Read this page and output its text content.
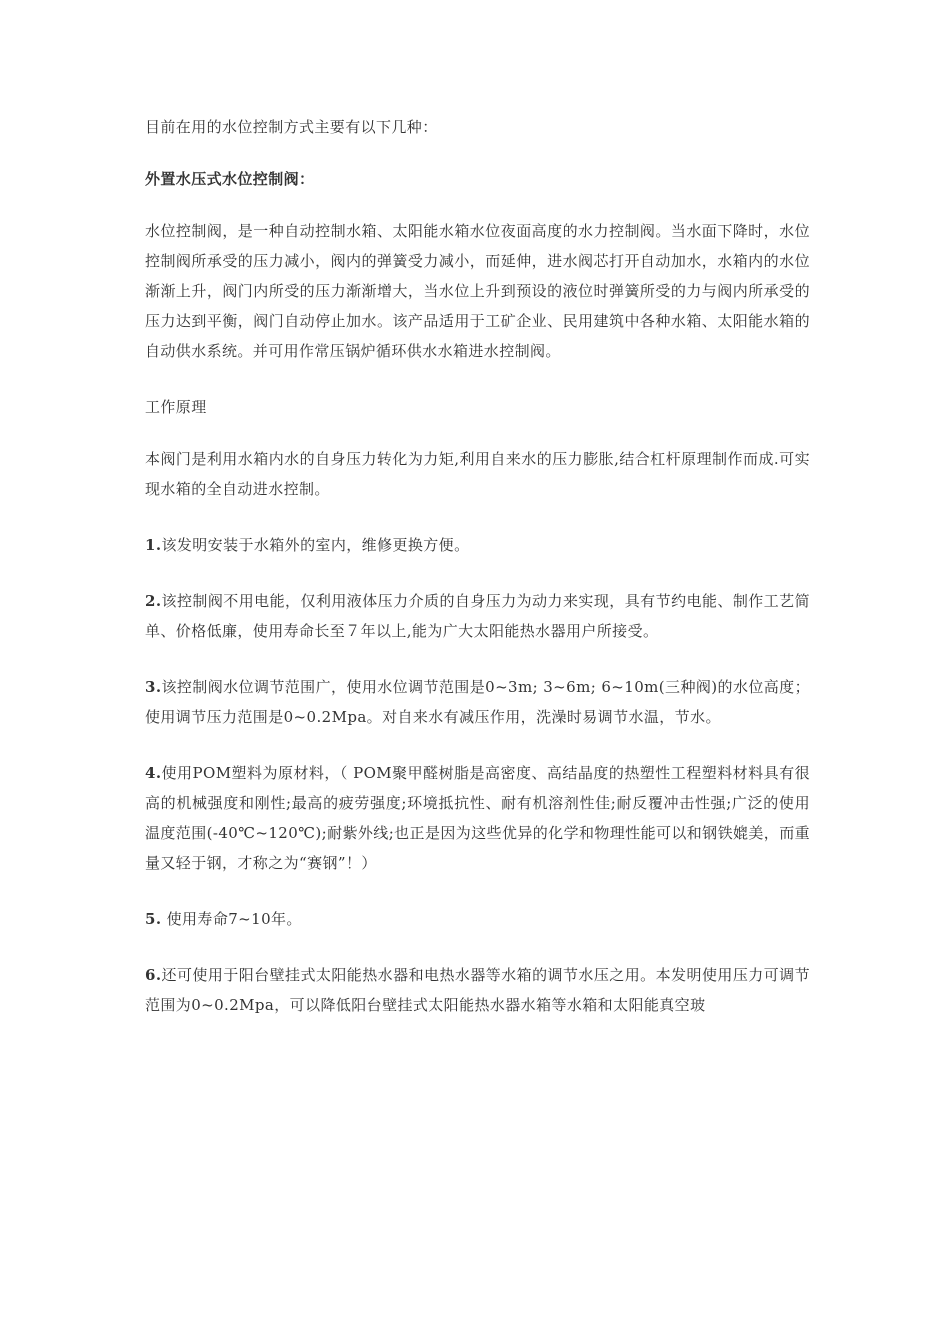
目前在用的水位控制方式主要有以下几种：

外置水压式水位控制阀：

水位控制阀，是一种自动控制水箱、太阳能水箱水位夜面高度的水力控制阀。当水面下降时，水位控制阀所承受的压力减小，阀内的弹簧受力减小，而延伸，进水阀芯打开自动加水，水箱内的水位渐渐上升，阀门内所受的压力渐渐增大，当水位上升到预设的液位时弹簧所受的力与阀内所承受的压力达到平衡，阀门自动停止加水。该产品适用于工矿企业、民用建筑中各种水箱、太阳能水箱的自动供水系统。并可用作常压锅炉循环供水水箱进水控制阀。

工作原理

本阀门是利用水箱内水的自身压力转化为力矩,利用自来水的压力膨胀,结合杠杆原理制作而成.可实现水箱的全自动进水控制。

1.该发明安装于水箱外的室内，维修更换方便。

2.该控制阀不用电能，仅利用液体压力介质的自身压力为动力来实现，具有节约电能、制作工艺简单、价格低廉，使用寿命长至７年以上,能为广大太阳能热水器用户所接受。

3.该控制阀水位调节范围广，使用水位调节范围是0~3m; 3~6m; 6~10m(三种阀)的水位高度；使用调节压力范围是0~0.2Mpa。对自来水有减压作用，洗澡时易调节水温，节水。

4.使用POM塑料为原材料，（ POM聚甲醛树脂是高密度、高结晶度的热塑性工程塑料材料具有很高的机械强度和刚性;最高的疲劳强度;环境抵抗性、耐有机溶剂性佳;耐反覆冲击性强;广泛的使用温度范围(-40℃~120℃);耐紫外线;也正是因为这些优异的化学和物理性能可以和钢铁媲美，而重量又轻于钢，才称之为“赛钢”！）

5. 使用寿命7~10年。

6.还可使用于阳台壁挂式太阳能热水器和电热水器等水箱的调节水压之用。本发明使用压力可调节范围为0~0.2Mpa，可以降低阳台壁挂式太阳能热水器水箱等水箱和太阳能真空玻
